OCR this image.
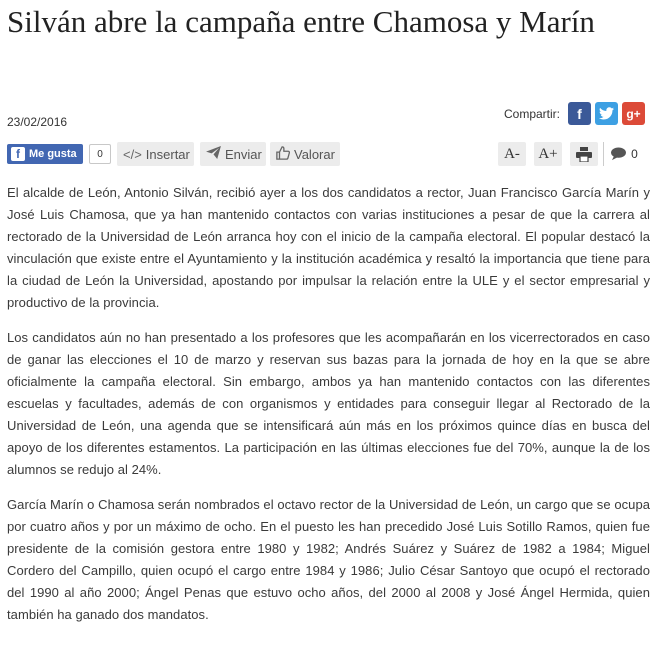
Silván abre la campaña entre Chamosa y Marín
23/02/2016
Compartir: f	g+
f Me gusta	0	</> Insertar	Enviar Valorar	A-	A+	0

El alcalde de León, Antonio Silván, recibió ayer a los dos candidatos a rector, Juan Francisco García Marín y José Luis Chamosa, que ya han mantenido contactos con varias instituciones a pesar de que la carrera al rectorado de la Universidad de León arranca hoy con el inicio de la campaña electoral. El popular destacó la vinculación que existe entre el Ayuntamiento y la institución académica y resaltó la importancia que tiene para la ciudad de León la Universidad, apostando por impulsar la relación entre la ULE y el sector empresarial y productivo de la provincia.

Los candidatos aún no han presentado a los profesores que les acompañarán en los vicerrectorados en caso de ganar las elecciones el 10 de marzo y reservan sus bazas para la jornada de hoy en la que se abre oficialmente la campaña electoral. Sin embargo, ambos ya han mantenido contactos con las diferentes escuelas y facultades, además de con organismos y entidades para conseguir llegar al Rectorado de la Universidad de León, una agenda que se intensificará aún más en los próximos quince días en busca del apoyo de los diferentes estamentos. La participación en las últimas elecciones fue del 70%, aunque la de los alumnos se redujo al 24%.

García Marín o Chamosa serán nombrados el octavo rector de la Universidad de León, un cargo que se ocupa por cuatro años y por un máximo de ocho. En el puesto les han precedido José Luis Sotillo Ramos, quien fue presidente de la comisión gestora entre 1980 y 1982; Andrés Suárez y Suárez de 1982 a 1984; Miguel Cordero del Campillo, quien ocupó el cargo entre 1984 y 1986; Julio César Santoyo que ocupó el rectorado del 1990 al año 2000; Ángel Penas que estuvo ocho años, del 2000 al 2008 y José Ángel Hermida, quien también ha ganado dos mandatos.
